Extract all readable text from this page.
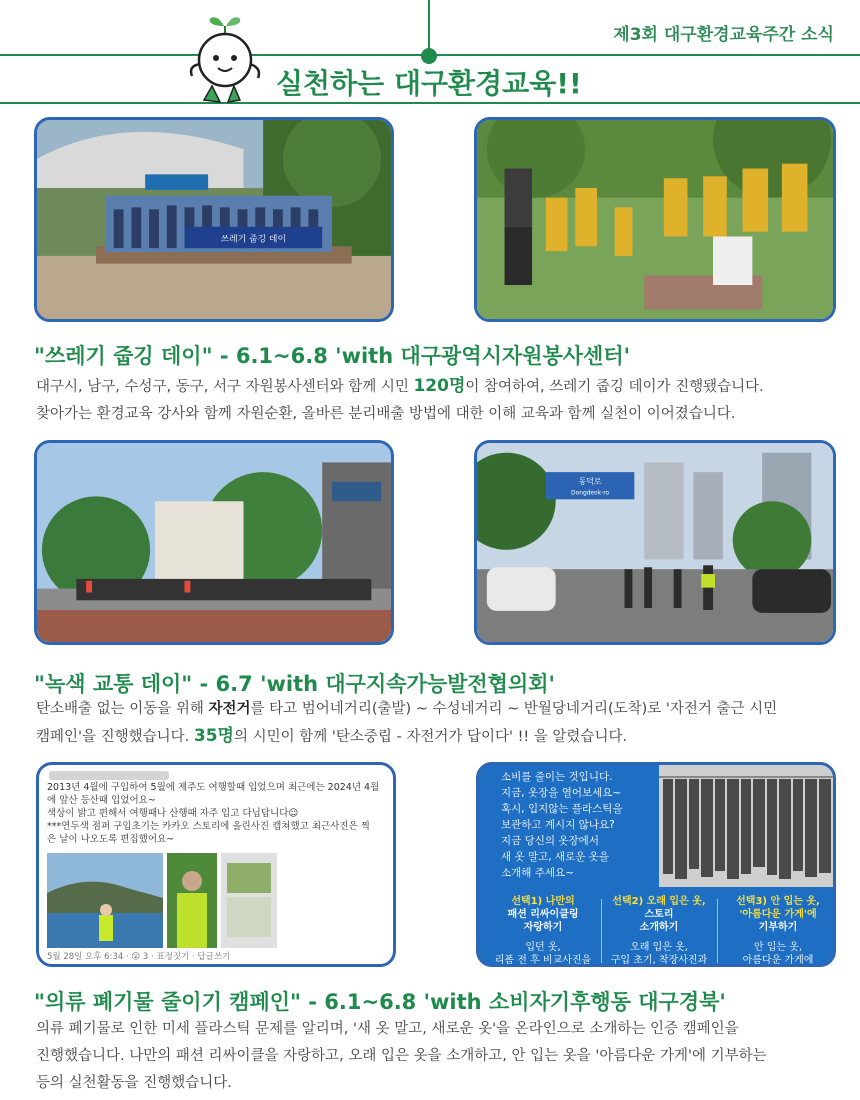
제3회 대구환경교육주간 소식
실천하는 대구환경교육!!
쓰레기 줍깅 데이
"쓰레기 줍깅 데이" - 6.1~6.8 'with 대구광역시자원봉사센터'
대구시, 남구, 수성구, 동구, 서구 자원봉사센터와 함께 시민 120명이 참여하여, 쓰레기 줍깅 데이가 진행됐습니다.
찾아가는 환경교육 강사와 함께 자원순환, 올바른 분리배출 방법에 대한 이해 교육과 함께 실천이 이어졌습니다.
동덕로
Dongdeok-ro
"녹색 교통 데이" - 6.7 'with 대구지속가능발전협의회'
탄소배출 없는 이동을 위해 자전거를 타고 범어네거리(출발) ~ 수성네거리 ~ 반월당네거리(도착)로 '자전거 출근 시민
캠페인'을 진행했습니다. 35명의 시민이 함께 '탄소중립 - 자전거가 답이다' !! 을 알렸습니다.
2013년 4월에 구입하여 5월에 제주도 여행할때 입었으며 최근에는 2024년 4월
에 앞산 등산때 입었어요~
색상이 밝고 편해서 여행때나 산행때 자주 입고 다닙답니다☺
***연두색 점퍼 구입초기는 카카오 스토리에 올린사진 캡쳐했고 최근사진은 찍
은 날이 나오도록 편집했어요~
5월 28일 오후 6:34 · 😮 3 · 표정짓기 · 답글쓰기
소비를 줄이는 것입니다.
지금, 옷장을 열어보세요~
혹시, 입지않는 플라스틱을
보관하고 계시지 않나요?
지금 당신의 옷장에서
새 옷 말고, 새로운 옷을
소개해 주세요~
선택1) 나만의
패션 리싸이클링
자랑하기
선택2) 오래 입은 옷,
스토리
소개하기
선택3) 안 입는 옷,
'아름다운 가게'에
기부하기
입던 옷,
리폼 전 후 비교사진을
오래 입은 옷,
구입 초기, 착장사진과
안 입는 옷,
아름다운 가게에
"의류 폐기물 줄이기 캠페인" - 6.1~6.8 'with 소비자기후행동 대구경북'
의류 폐기물로 인한 미세 플라스틱 문제를 알리며, '새 옷 말고, 새로운 옷'을 온라인으로 소개하는 인증 캠페인을
진행했습니다. 나만의 패션 리싸이클을 자랑하고, 오래 입은 옷을 소개하고, 안 입는 옷을 '아름다운 가게'에 기부하는
등의 실천활동을 진행했습니다.
